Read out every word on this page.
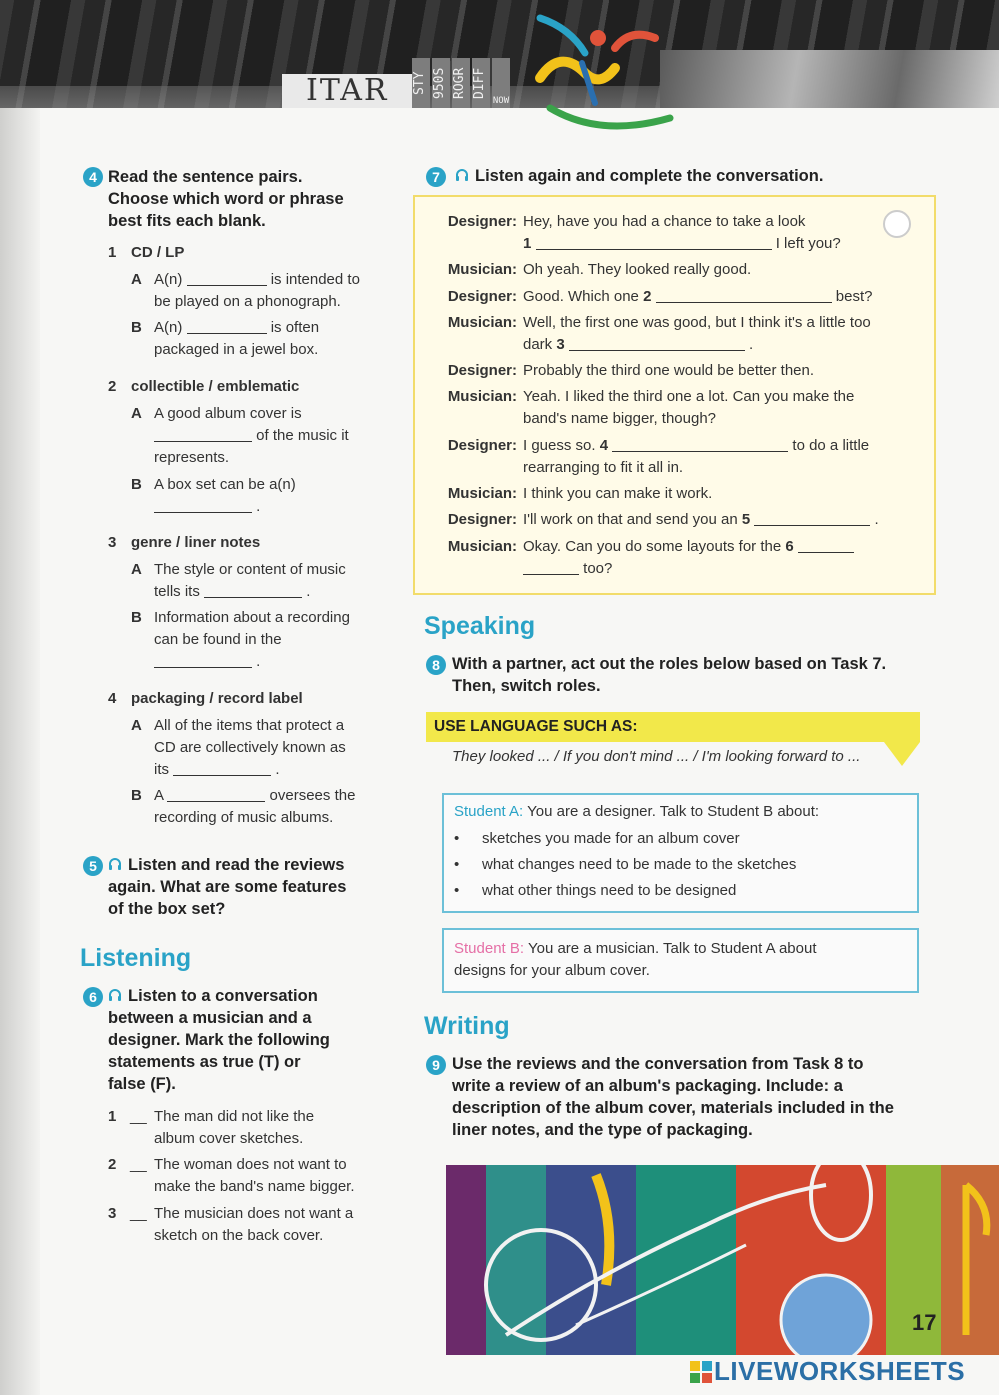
ITAR	STY 950S ROGR DIFF
NOW
4 Read the sentence pairs.
Choose which word or phrase
best fits each blank.
1 CD / LP
A A(n)	is intended to
be played on a phonograph.
B A(n)	is often
packaged in a jewel box.
2 collectible / emblematic
A A good album cover is
of the music it
represents.
B A box set can be a(n)
.
3 genre / liner notes
A The style or content of music
tells its	.
B Information about a recording
can be found in the
.
4 packaging / record label
A All of the items that protect a
CD are collectively known as
its	.
B A	oversees the
recording of music albums.
5	Listen and read the reviews
again. What are some features
of the box set?
Listening
6	Listen to a conversation
between a musician and a
designer. Mark the following
statements as true (T) or
false (F).
1 __ The man did not like the
album cover sketches.
2 __ The woman does not want to
make the band's name bigger.
3 __ The musician does not want a
sketch on the back cover.
7	Listen again and complete the conversation.
Designer: Hey, have you had a chance to take a look
1	I left you?
Musician: Oh yeah. They looked really good.
Designer: Good. Which one 2	best?
Musician: Well, the first one was good, but I think it's a little too
dark 3	.
Designer: Probably the third one would be better then.
Musician: Yeah. I liked the third one a lot. Can you make the
band's name bigger, though?
Designer: I guess so. 4	to do a little
rearranging to fit it all in.
Musician: I think you can make it work.
Designer: I'll work on that and send you an 5	.
Musician: Okay. Can you do some layouts for the 6
too?
Speaking
8 With a partner, act out the roles below based on Task 7.
Then, switch roles.
USE LANGUAGE SUCH AS:
They looked ... / If you don't mind ... / I'm looking forward to ...
Student A: You are a designer. Talk to Student B about:
• sketches you made for an album cover
• what changes need to be made to the sketches
• what other things need to be designed
Student B: You are a musician. Talk to Student A about
designs for your album cover.
Writing
9 Use the reviews and the conversation from Task 8 to
write a review of an album's packaging. Include: a
description of the album cover, materials included in the
liner notes, and the type of packaging.
17
LIVEWORKSHEETS
